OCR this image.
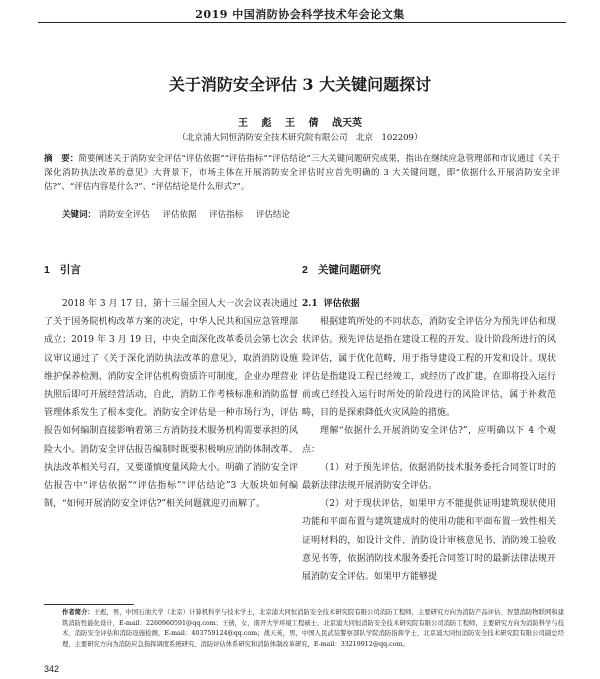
2019 中国消防协会科学技术年会论文集
关于消防安全评估 3 大关键问题探讨
王 彪 王 倩 战天英
（北京浦大同恒消防安全技术研究院有限公司　北京　102209）
摘　要：简要阐述关于消防安全评估“评估依据”“评估指标”“评估结论”三大关键问题研究成果，指出在继续应急管理部和市议通过《关于深化消防执法改革的意见》大背景下，市场主体在开展消防安全评估时应首先明确的 3 大关键问题，即“依据什么开展消防安全评估?”、“评估内容是什么?”、“评估结论是什么形式?”。
关键词： 消防安全评估 评估依据 评估指标 评估结论
1 引言

2018 年 3 月 17 日，第十三届全国人大一次会议表决通过了关于国务院机构改革方案的决定，中华人民共和国应急管理部成立；2019 年 3 月 19 日，中央全面深化改革委员会第七次会议审议通过了《关于深化消防执法改革的意见》，取消消防设施维护保养检测、消防安全评估机构资质许可制度，企业办理营业执照后即可开展经营活动，自此，消防工作考核标准和消防监督管理体系发生了根本变化。消防安全评估是一种市场行为，评估报告如何编制直接影响着第三方消防技术服务机构需要承担的风险大小。消防安全评估报告编制时既要积极响应消防体制改革、执法改革相关号召，又要谨慎度量风险大小。明确了消防安全评估报告中“评估依据”“评估指标”“评估结论”3 大版块如何编制，“如何开展消防安全评估?”相关问题就迎刃而解了。

2 关键问题研究
2.1 评估依据

根据建筑所处的不同状态，消防安全评估分为预先评估和现状评估。预先评估是指在建设工程的开发、设计阶段所进行的风险评估，属于优化范畴，用于指导建设工程的开发和设计。现状评估是指建设工程已经竣工，或经历了改扩建，在即将投入运行前或已经投入运行时所处的阶段进行的风险评估，属于补救范畴，目的是探索降低火灾风险的措施。

理解“依据什么开展消防安全评估?”，应明确以下 4 个观点：

（1）对于预先评估，依据消防技术服务委托合同签订时的最新法律法规开展消防安全评估。

（2）对于现状评估，如果甲方不能提供证明建筑现状使用功能和平面布置与建筑建成时的使用功能和平面布置一致性相关证明材料的，如设计文件、消防设计审核意见书、消防竣工验收意见书等，依据消防技术服务委托合同签订时的最新法律法规开展消防安全评估。如果甲方能够提

作者简介：王彪，男，中国石油大学（北京）计算机科学与技术学士，北京浦大同恒消防安全技术研究院有限公司消防工程师，主要研究方向为消防产品评估、智慧消防物联网和建筑消防性能化设计，E-mail：2260960591@qq.com；王倩，女，南开大学环境工程硕士，北京浦大同恒消防安全技术研究院有限公司消防工程师，主要研究方向为消防科学与技术、消防安全评估和消防设施检测，E-mail：403759124@qq.com；战天英，男，中国人民武装警察部队学院消防指挥学士，北京浦大同恒消防安全技术研究院有限公司副总经理，主要研究方向为消防应急指挥调度系统研究、消防评估体系研究和消防体制改革研究，E-mail：33219912@qq.com。
342
